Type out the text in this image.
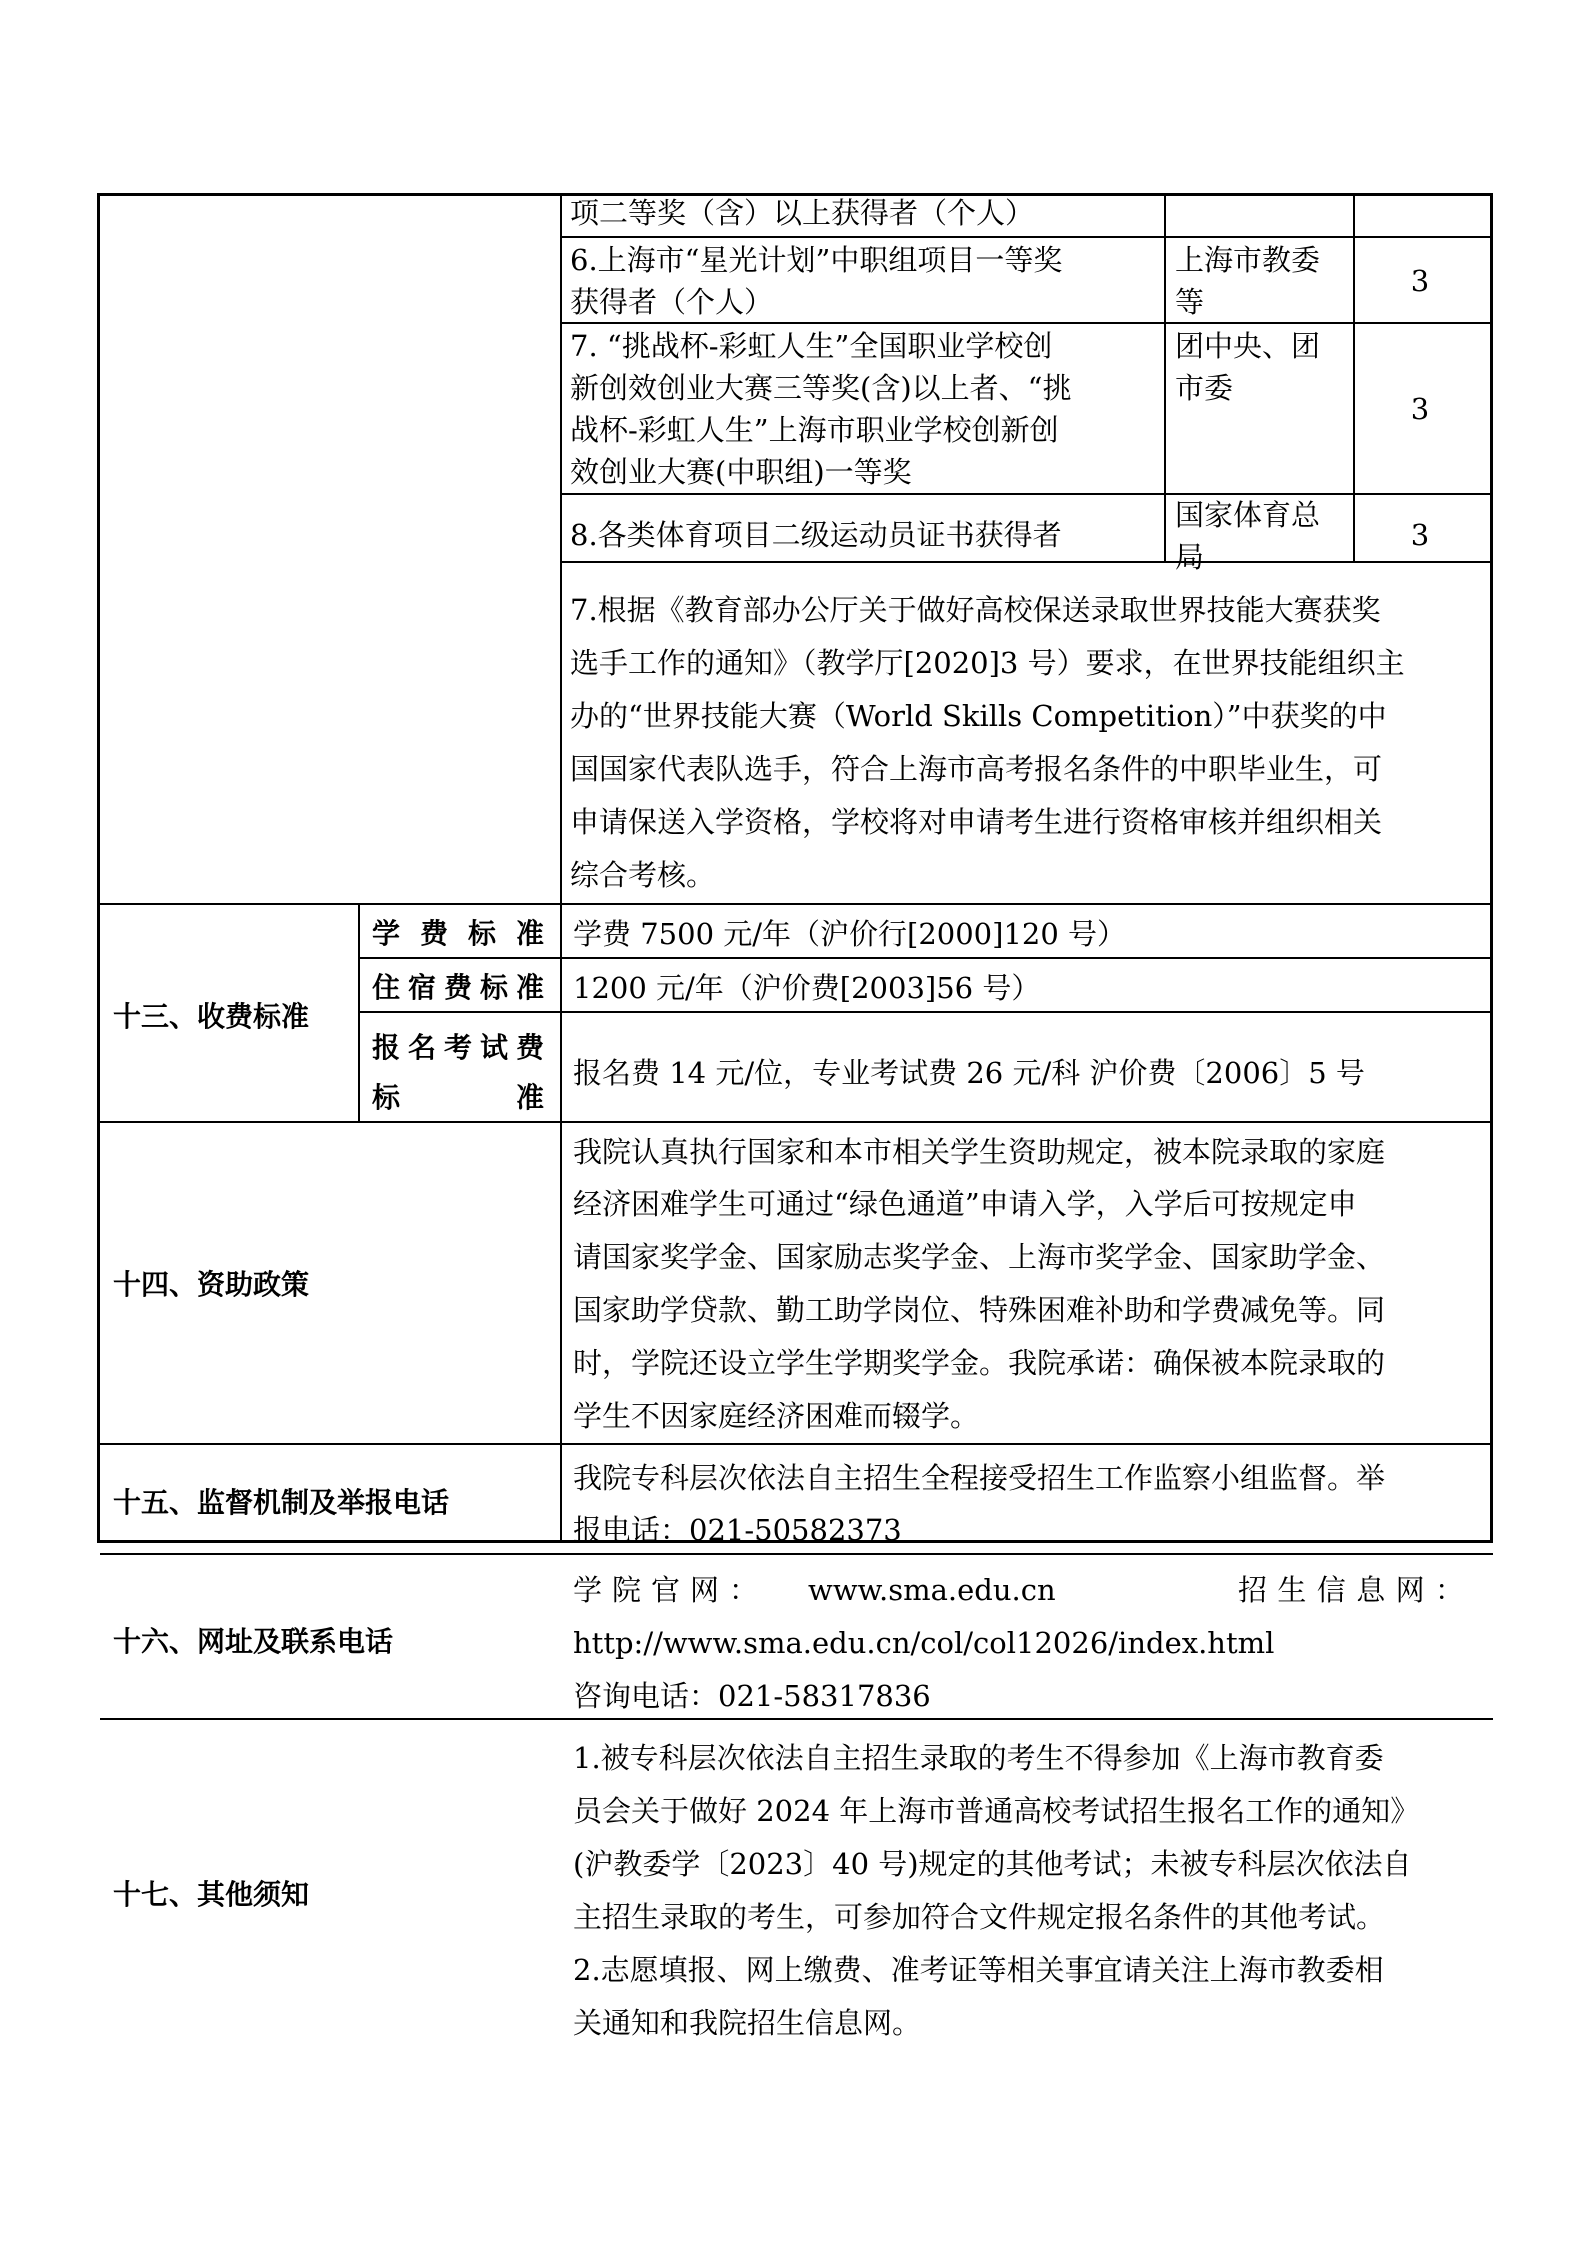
项二等奖（含）以上获得者（个人）
6.上海市“星光计划”中职组项目一等奖
获得者（个人）
上海市教委
等
3
7. “挑战杯-彩虹人生”全国职业学校创
新创效创业大赛三等奖(含)以上者、“挑
战杯-彩虹人生”上海市职业学校创新创
效创业大赛(中职组)一等奖
团中央、团
市委
3
8.各类体育项目二级运动员证书获得者
国家体育总
局
3
7.根据《教育部办公厅关于做好高校保送录取世界技能大赛获奖
选手工作的通知》（教学厅[2020]3 号）要求，在世界技能组织主
办的“世界技能大赛（World Skills Competition）”中获奖的中
国国家代表队选手，符合上海市高考报名条件的中职毕业生，可
申请保送入学资格，学校将对申请考生进行资格审核并组织相关
综合考核。
十三、收费标准
学费标准 学费 7500 元/年（沪价行[2000]120 号）
住宿费标准 1200 元/年（沪价费[2003]56 号）
报名考试费
标准
报名费 14 元/位，专业考试费 26 元/科 沪价费〔2006〕5 号
十四、资助政策
我院认真执行国家和本市相关学生资助规定，被本院录取的家庭
经济困难学生可通过“绿色通道”申请入学，入学后可按规定申
请国家奖学金、国家励志奖学金、上海市奖学金、国家助学金、
国家助学贷款、勤工助学岗位、特殊困难补助和学费减免等。同
时，学院还设立学生学期奖学金。我院承诺：确保被本院录取的
学生不因家庭经济困难而辍学。
十五、监督机制及举报电话
我院专科层次依法自主招生全程接受招生工作监察小组监督。举
报电话：021-50582373
十六、网址及联系电话
学院官网： www.sma.edu.cn	招生信息网：
http://www.sma.edu.cn/col/col12026/index.html
咨询电话：021-58317836
十七、其他须知
1.被专科层次依法自主招生录取的考生不得参加《上海市教育委
员会关于做好 2024 年上海市普通高校考试招生报名工作的通知》
(沪教委学〔2023〕40 号)规定的其他考试；未被专科层次依法自
主招生录取的考生，可参加符合文件规定报名条件的其他考试。
2.志愿填报、网上缴费、准考证等相关事宜请关注上海市教委相
关通知和我院招生信息网。
